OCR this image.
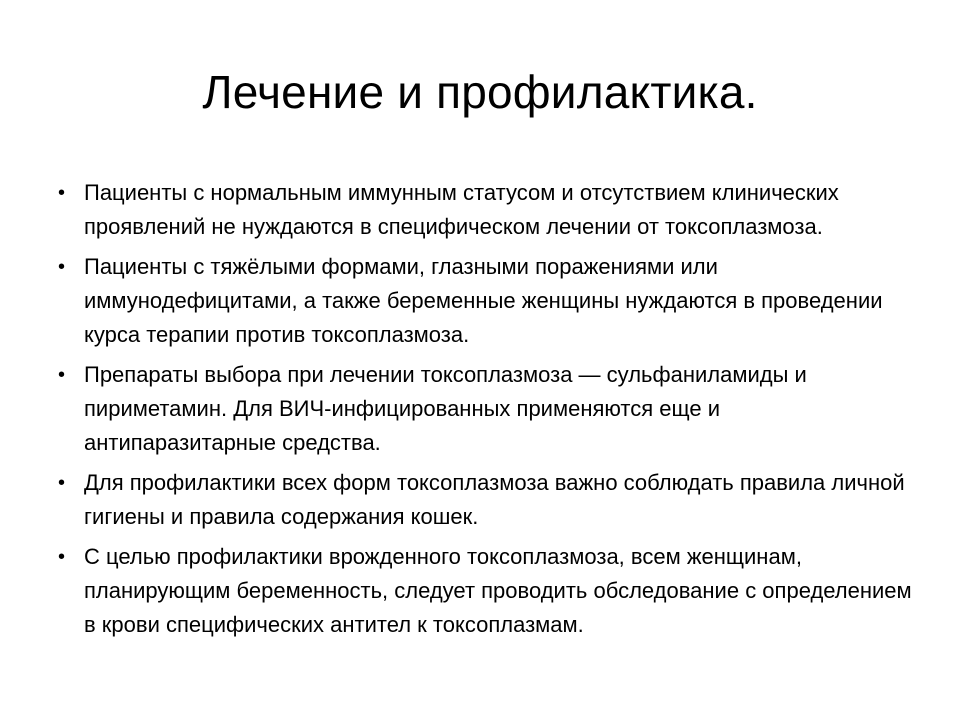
Лечение и профилактика.
• Пациенты с нормальным иммунным статусом и отсутствием клинических проявлений не нуждаются в специфическом лечении от токсоплазмоза.
• Пациенты с тяжёлыми формами, глазными поражениями или иммунодефицитами, а также беременные женщины нуждаются в проведении курса терапии против токсоплазмоза.
• Препараты выбора при лечении токсоплазмоза — сульфаниламиды и пириметамин. Для ВИЧ-инфицированных применяются еще и антипаразитарные средства.
• Для профилактики всех форм токсоплазмоза важно соблюдать правила личной гигиены и правила содержания кошек.
• С целью профилактики врожденного токсоплазмоза, всем женщинам, планирующим беременность, следует проводить обследование с определением в крови специфических антител к токсоплазмам.
